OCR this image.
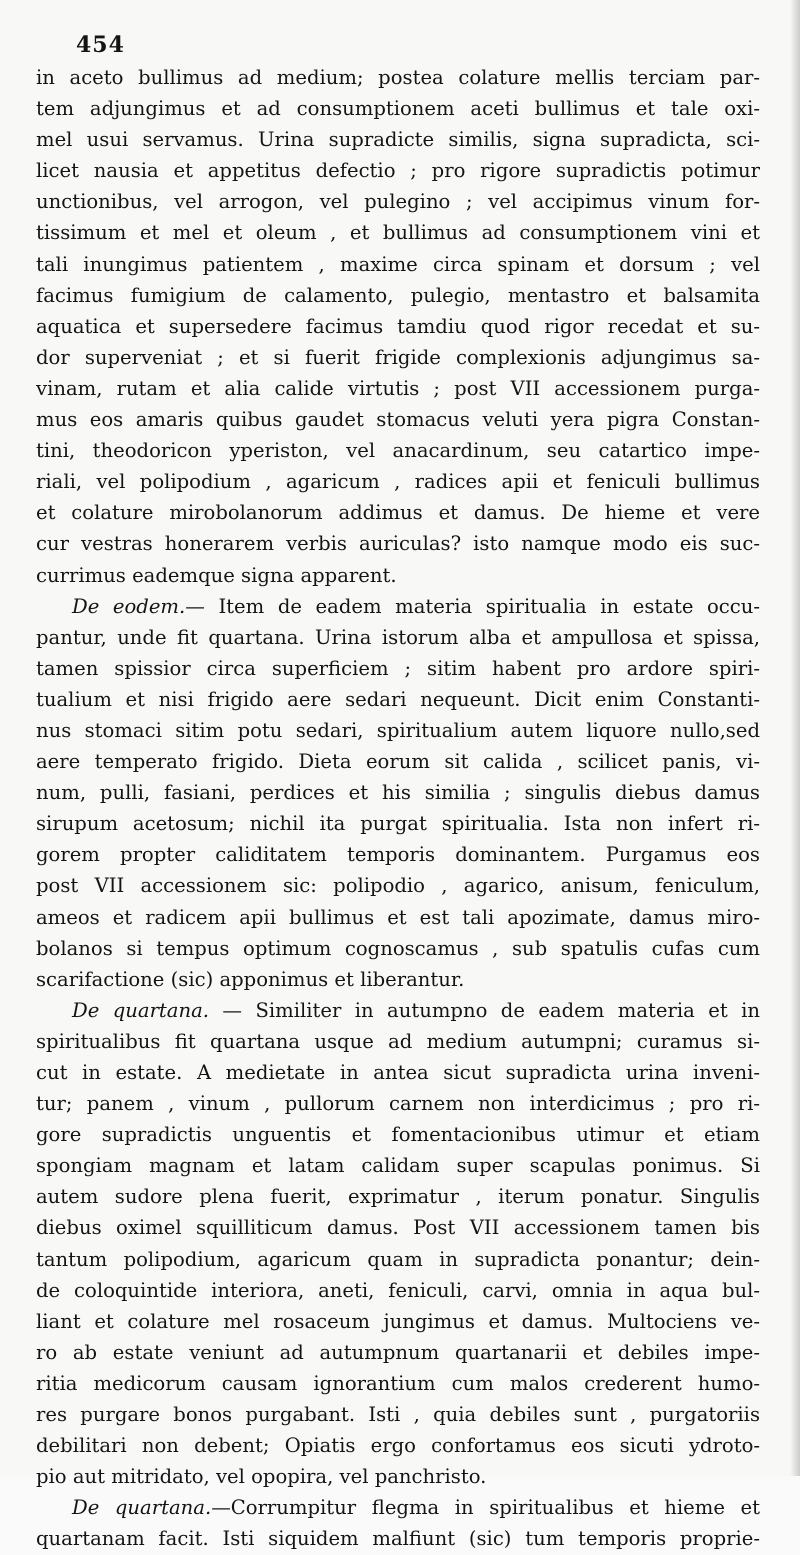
454
in aceto bullimus ad medium; postea colature mellis terciam par-
tem adjungimus et ad consumptionem aceti bullimus et tale oxi-
mel usui servamus. Urina supradicte similis, signa supradicta, sci-
licet nausia et appetitus defectio ; pro rigore supradictis potimur
unctionibus, vel arrogon, vel pulegino ; vel accipimus vinum for-
tissimum et mel et oleum , et bullimus ad consumptionem vini et
tali inungimus patientem , maxime circa spinam et dorsum ; vel
facimus fumigium de calamento, pulegio, mentastro et balsamita
aquatica et supersedere facimus tamdiu quod rigor recedat et su-
dor superveniat ; et si fuerit frigide complexionis adjungimus sa-
vinam, rutam et alia calide virtutis ; post VII accessionem purga-
mus eos amaris quibus gaudet stomacus veluti yera pigra Constan-
tini, theodoricon yperiston, vel anacardinum, seu catartico impe-
riali, vel polipodium , agaricum , radices apii et feniculi bullimus
et colature mirobolanorum addimus et damus. De hieme et vere
cur vestras honerarem verbis auriculas? isto namque modo eis suc-
currimus eademque signa apparent.
De eodem.— Item de eadem materia spiritualia in estate occu-
pantur, unde fit quartana. Urina istorum alba et ampullosa et spissa,
tamen spissior circa superficiem ; sitim habent pro ardore spiri-
tualium et nisi frigido aere sedari nequeunt. Dicit enim Constanti-
nus stomaci sitim potu sedari, spiritualium autem liquore nullo,sed
aere temperato frigido. Dieta eorum sit calida , scilicet panis, vi-
num, pulli, fasiani, perdices et his similia ; singulis diebus damus
sirupum acetosum; nichil ita purgat spiritualia. Ista non infert ri-
gorem propter caliditatem temporis dominantem. Purgamus eos
post VII accessionem sic: polipodio , agarico, anisum, feniculum,
ameos et radicem apii bullimus et est tali apozimate, damus miro-
bolanos si tempus optimum cognoscamus , sub spatulis cufas cum
scarifactione (sic) apponimus et liberantur.
De quartana. — Similiter in autumpno de eadem materia et in
spiritualibus fit quartana usque ad medium autumpni; curamus si-
cut in estate. A medietate in antea sicut supradicta urina inveni-
tur; panem , vinum , pullorum carnem non interdicimus ; pro ri-
gore supradictis unguentis et fomentacionibus utimur et etiam
spongiam magnam et latam calidam super scapulas ponimus. Si
autem sudore plena fuerit, exprimatur , iterum ponatur. Singulis
diebus oximel squilliticum damus. Post VII accessionem tamen bis
tantum polipodium, agaricum quam in supradicta ponantur; dein-
de coloquintide interiora, aneti, feniculi, carvi, omnia in aqua bul-
liant et colature mel rosaceum jungimus et damus. Multociens ve-
ro ab estate veniunt ad autumpnum quartanarii et debiles impe-
ritia medicorum causam ignorantium cum malos crederent humo-
res purgare bonos purgabant. Isti , quia debiles sunt , purgatoriis
debilitari non debent; Opiatis ergo confortamus eos sicuti ydroto-
pio aut mitridato, vel opopira, vel panchristo.
De quartana.—Corrumpitur flegma in spiritualibus et hieme et
quartanam facit. Isti siquidem malfiunt (sic) tum temporis proprie-
